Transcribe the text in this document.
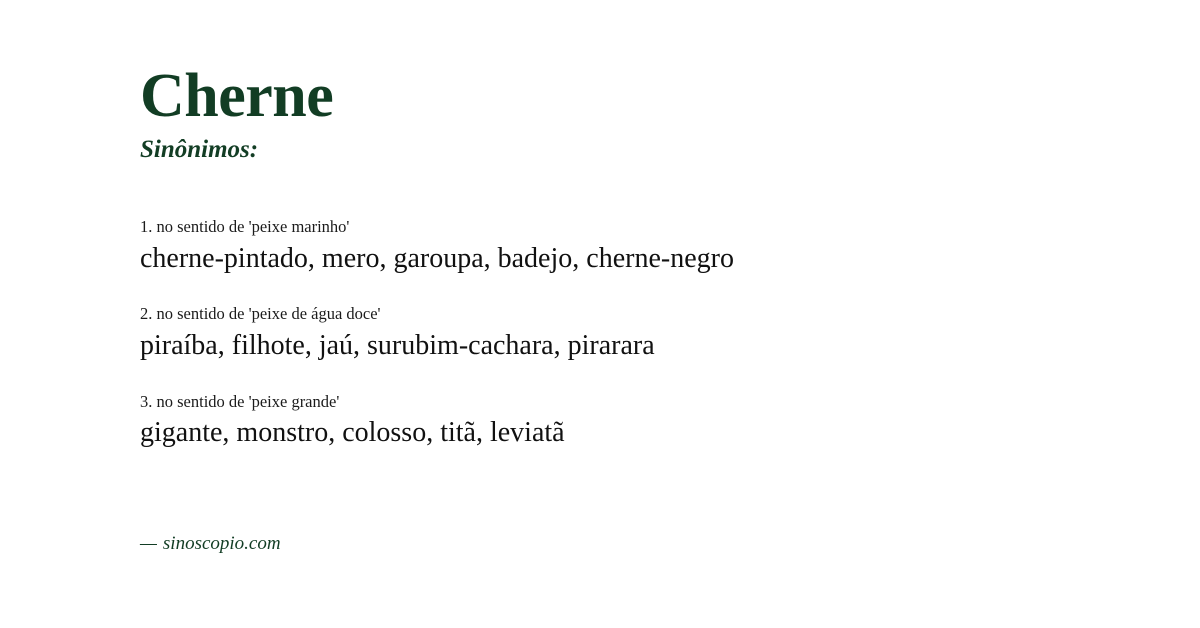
Cherne
Sinônimos:
1. no sentido de 'peixe marinho'
cherne-pintado, mero, garoupa, badejo, cherne-negro
2. no sentido de 'peixe de água doce'
piraíba, filhote, jaú, surubim-cachara, pirarara
3. no sentido de 'peixe grande'
gigante, monstro, colosso, titã, leviatã
— sinoscopio.com
